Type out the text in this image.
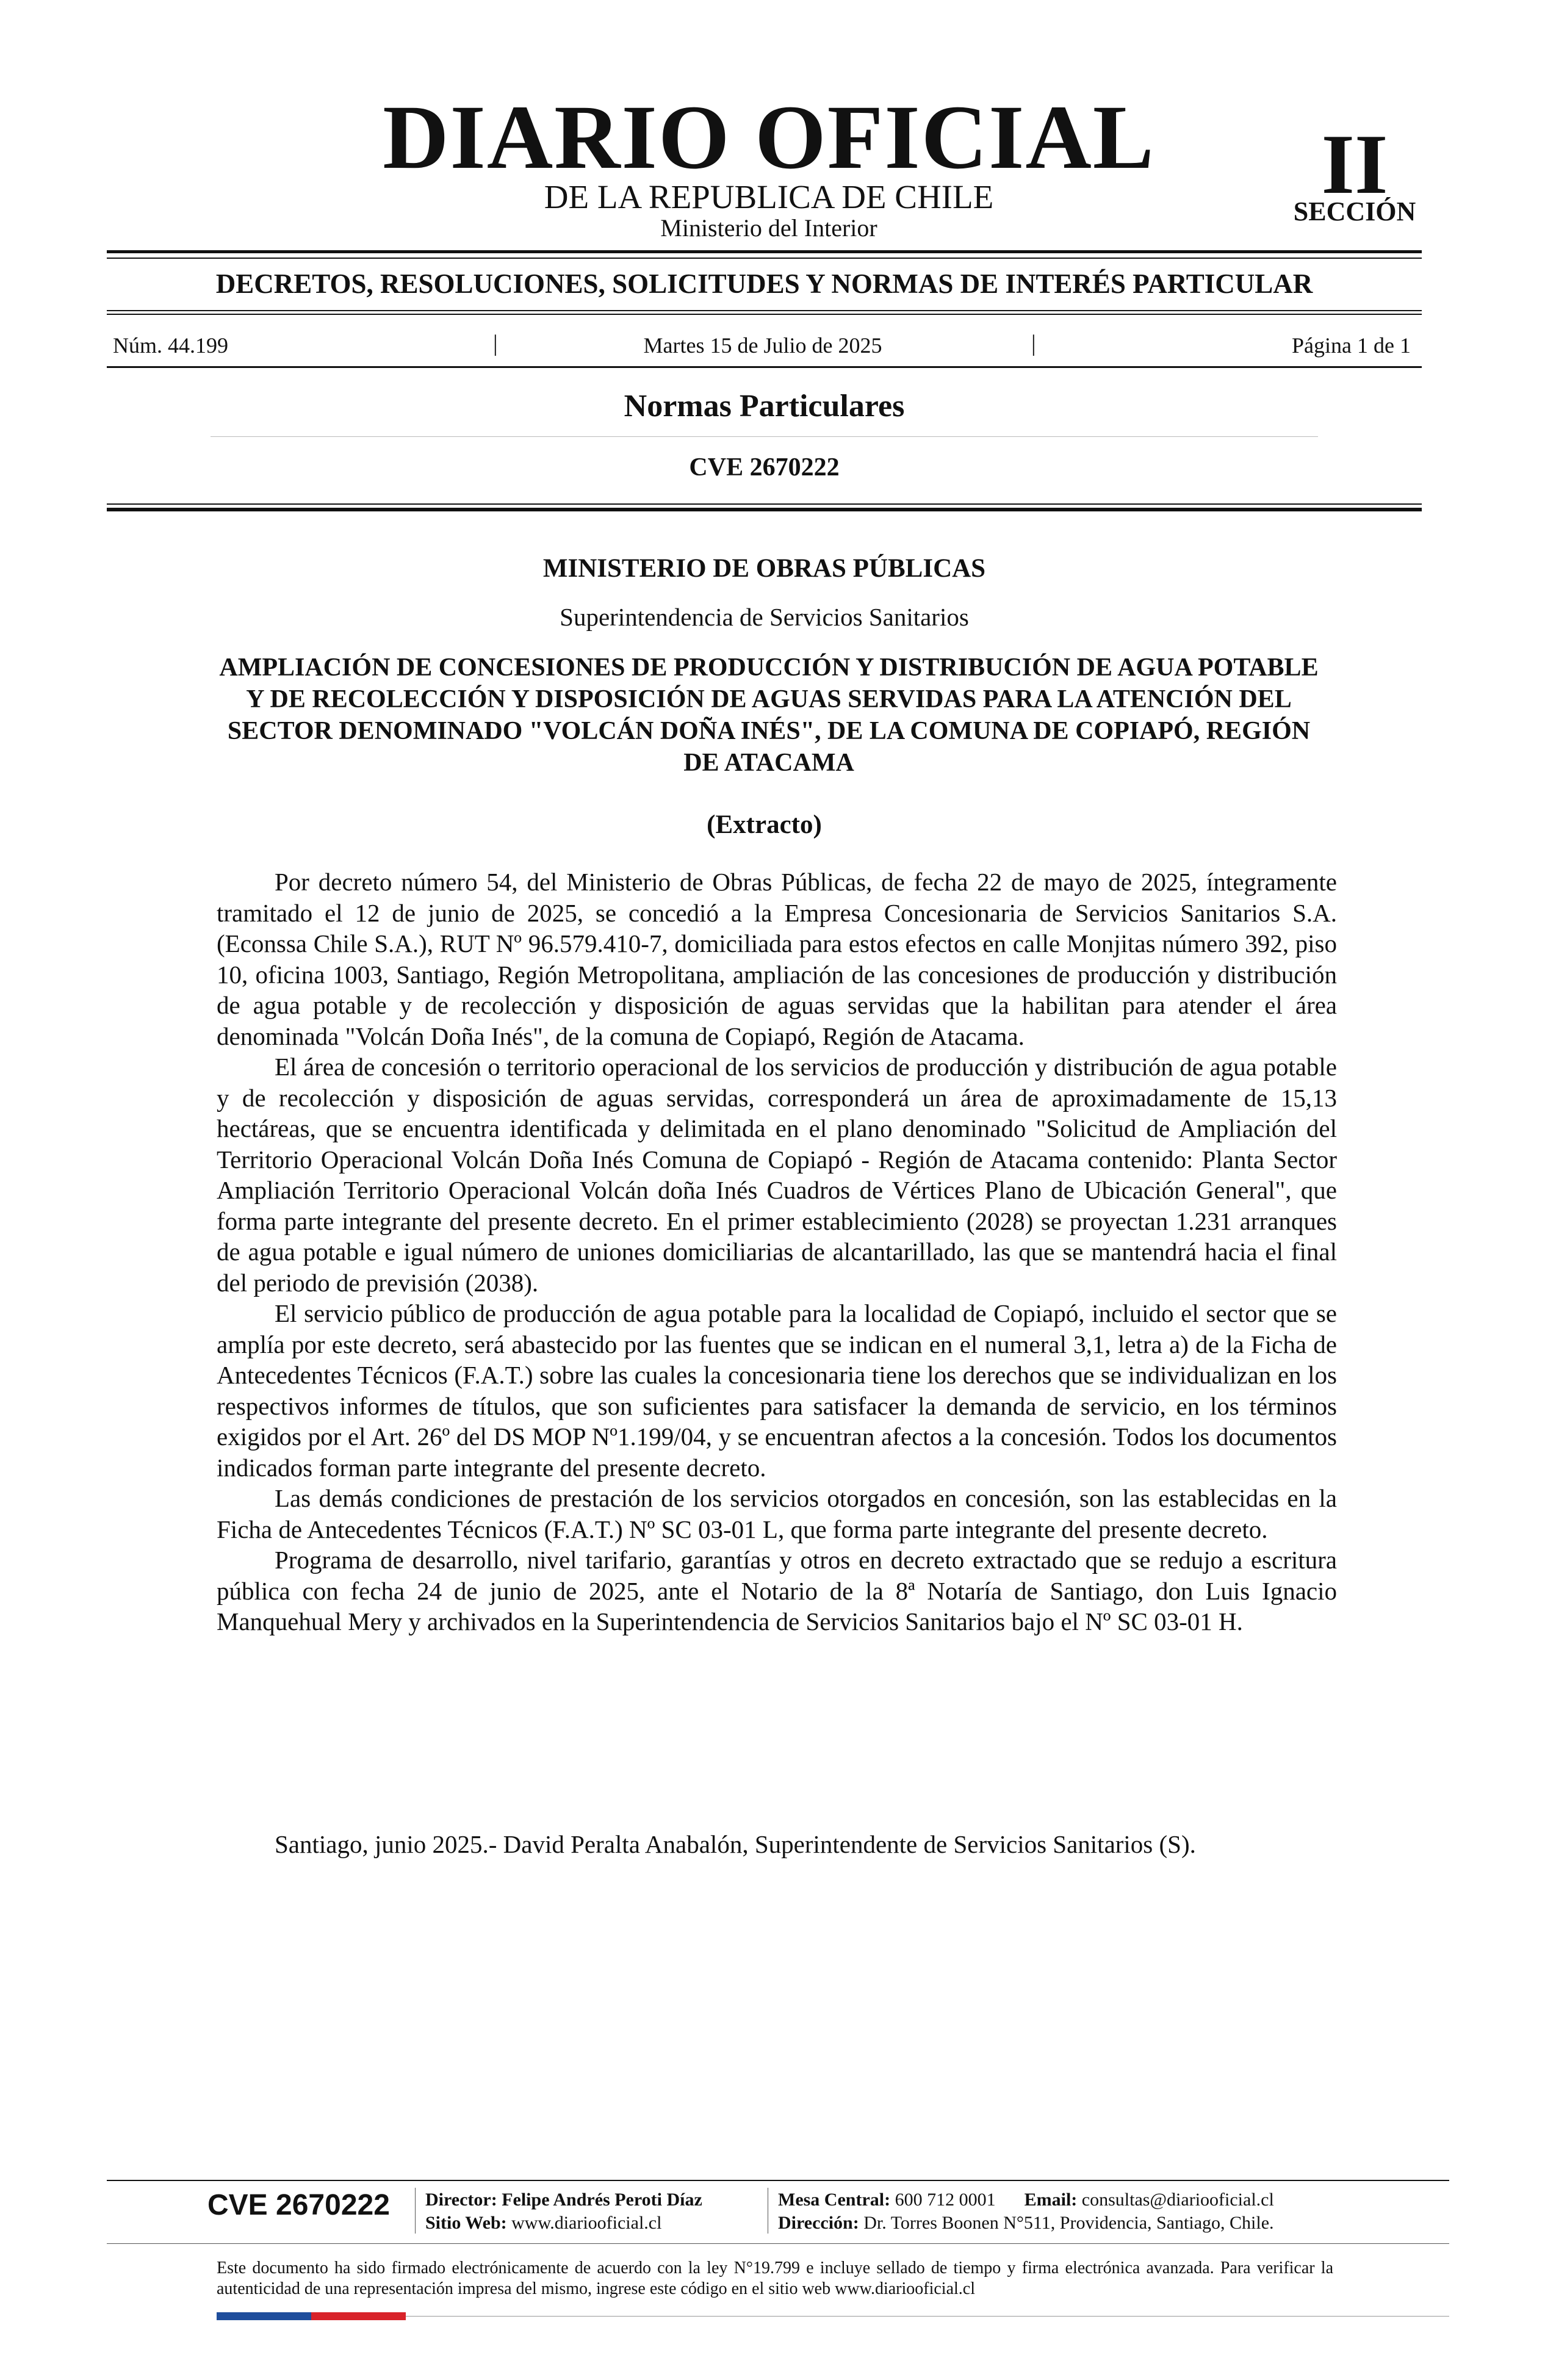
DIARIO OFICIAL
DE LA REPUBLICA DE CHILE
Ministerio del Interior
II
SECCIÓN
DECRETOS, RESOLUCIONES, SOLICITUDES Y NORMAS DE INTERÉS PARTICULAR
Núm. 44.199	|	Martes 15 de Julio de 2025	|	Página 1 de 1
Normas Particulares
CVE 2670222
MINISTERIO DE OBRAS PÚBLICAS
Superintendencia de Servicios Sanitarios
AMPLIACIÓN DE CONCESIONES DE PRODUCCIÓN Y DISTRIBUCIÓN DE AGUA POTABLE Y DE RECOLECCIÓN Y DISPOSICIÓN DE AGUAS SERVIDAS PARA LA ATENCIÓN DEL SECTOR DENOMINADO "VOLCÁN DOÑA INÉS", DE LA COMUNA DE COPIAPÓ, REGIÓN DE ATACAMA
(Extracto)

Por decreto número 54, del Ministerio de Obras Públicas, de fecha 22 de mayo de 2025, íntegramente tramitado el 12 de junio de 2025, se concedió a la Empresa Concesionaria de Servicios Sanitarios S.A. (Econssa Chile S.A.), RUT Nº 96.579.410-7, domiciliada para estos efectos en calle Monjitas número 392, piso 10, oficina 1003, Santiago, Región Metropolitana, ampliación de las concesiones de producción y distribución de agua potable y de recolección y disposición de aguas servidas que la habilitan para atender el área denominada "Volcán Doña Inés", de la comuna de Copiapó, Región de Atacama.

El área de concesión o territorio operacional de los servicios de producción y distribución de agua potable y de recolección y disposición de aguas servidas, corresponderá un área de aproximadamente de 15,13 hectáreas, que se encuentra identificada y delimitada en el plano denominado "Solicitud de Ampliación del Territorio Operacional Volcán Doña Inés Comuna de Copiapó - Región de Atacama contenido: Planta Sector Ampliación Territorio Operacional Volcán doña Inés Cuadros de Vértices Plano de Ubicación General", que forma parte integrante del presente decreto. En el primer establecimiento (2028) se proyectan 1.231 arranques de agua potable e igual número de uniones domiciliarias de alcantarillado, las que se mantendrá hacia el final del periodo de previsión (2038).

El servicio público de producción de agua potable para la localidad de Copiapó, incluido el sector que se amplía por este decreto, será abastecido por las fuentes que se indican en el numeral 3,1, letra a) de la Ficha de Antecedentes Técnicos (F.A.T.) sobre las cuales la concesionaria tiene los derechos que se individualizan en los respectivos informes de títulos, que son suficientes para satisfacer la demanda de servicio, en los términos exigidos por el Art. 26º del DS MOP Nº1.199/04, y se encuentran afectos a la concesión. Todos los documentos indicados forman parte integrante del presente decreto.

Las demás condiciones de prestación de los servicios otorgados en concesión, son las establecidas en la Ficha de Antecedentes Técnicos (F.A.T.) Nº SC 03-01 L, que forma parte integrante del presente decreto.

Programa de desarrollo, nivel tarifario, garantías y otros en decreto extractado que se redujo a escritura pública con fecha 24 de junio de 2025, ante el Notario de la 8ª Notaría de Santiago, don Luis Ignacio Manquehual Mery y archivados en la Superintendencia de Servicios Sanitarios bajo el Nº SC 03-01 H.

Santiago, junio 2025.- David Peralta Anabalón, Superintendente de Servicios Sanitarios (S).
CVE 2670222	Director: Felipe Andrés Peroti Díaz
Sitio Web: www.diariooficial.cl
Mesa Central: 600 712 0001 Email: consultas@diariooficial.cl
Dirección: Dr. Torres Boonen N°511, Providencia, Santiago, Chile.
Este documento ha sido firmado electrónicamente de acuerdo con la ley N°19.799 e incluye sellado de tiempo y firma electrónica avanzada. Para verificar la autenticidad de una representación impresa del mismo, ingrese este código en el sitio web www.diariooficial.cl
